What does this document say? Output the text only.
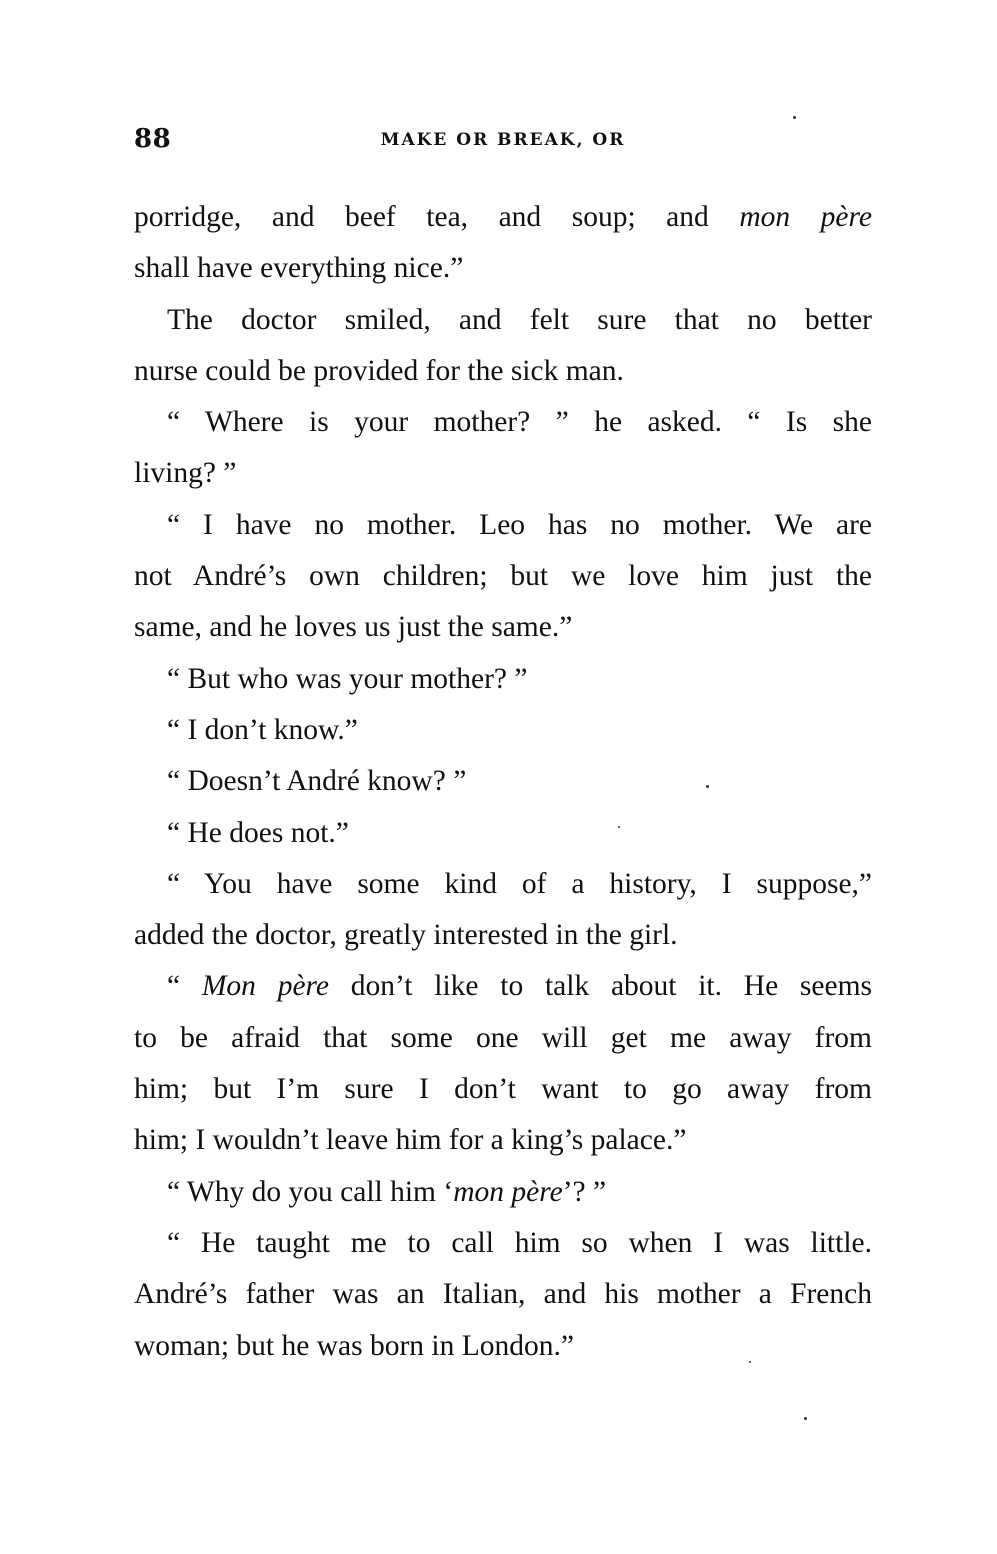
88	MAKE OR BREAK, OR
porridge, and beef tea, and soup; and mon père
shall have everything nice.”
The doctor smiled, and felt sure that no better
nurse could be provided for the sick man.
“ Where is your mother? ” he asked. “ Is she
living? ”
“ I have no mother. Leo has no mother. We are
not André’s own children; but we love him just the
same, and he loves us just the same.”
“ But who was your mother? ”
“ I don’t know.”
“ Doesn’t André know? ”
“ He does not.”
“ You have some kind of a history, I suppose,”
added the doctor, greatly interested in the girl.
“ Mon père don’t like to talk about it. He seems
to be afraid that some one will get me away from
him; but I’m sure I don’t want to go away from
him; I wouldn’t leave him for a king’s palace.”
“ Why do you call him ‘mon père’? ”
“ He taught me to call him so when I was little.
André’s father was an Italian, and his mother a French
woman; but he was born in London.”
